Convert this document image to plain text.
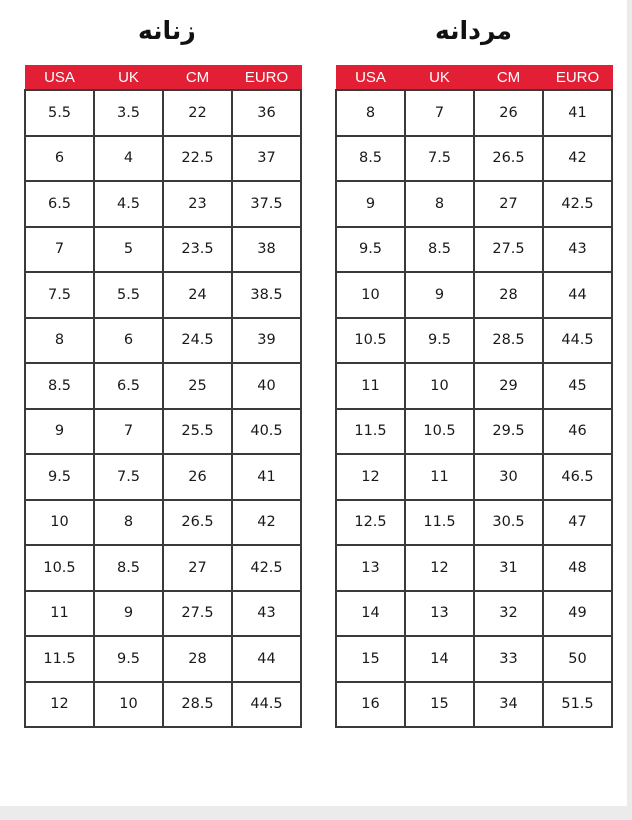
زنانه	مردانه
USA	UK	CM	EURO
5.5	3.5	22	36
6	4	22.5	37
6.5	4.5	23	37.5
7	5	23.5	38
7.5	5.5	24	38.5
8	6	24.5	39
8.5	6.5	25	40
9	7	25.5	40.5
9.5	7.5	26	41
10	8	26.5	42
10.5	8.5	27	42.5
11	9	27.5	43
11.5	9.5	28	44
12	10	28.5	44.5
USA	UK	CM	EURO
8	7	26	41
8.5	7.5	26.5	42
9	8	27	42.5
9.5	8.5	27.5	43
10	9	28	44
10.5	9.5	28.5	44.5
11	10	29	45
11.5	10.5	29.5	46
12	11	30	46.5
12.5	11.5	30.5	47
13	12	31	48
14	13	32	49
15	14	33	50
16	15	34	51.5
